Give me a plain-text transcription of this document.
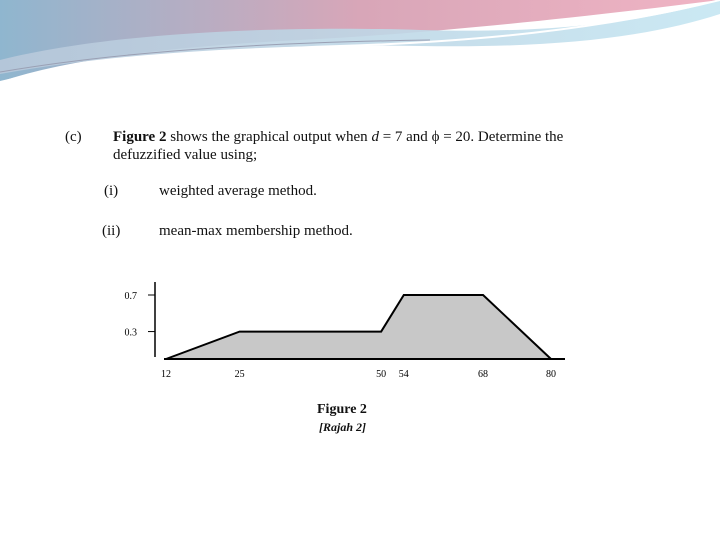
(c) Figure 2 shows the graphical output when d = 7 and ϕ = 20. Determine the
defuzzified value using;
(i)	weighted average method.
(ii)	mean-max membership method.
0.7
0.3
12	25	50 54	68	80
Figure 2
[Rajah 2]
